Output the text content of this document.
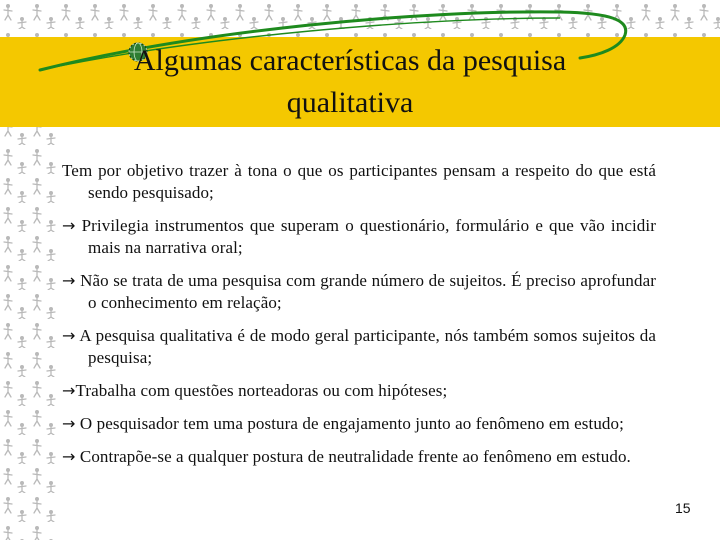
Algumas características da pesquisa qualitativa

Tem por objetivo trazer à tona o que os participantes pensam a respeito do que está sendo pesquisado;

→ Privilegia instrumentos que superam o questionário, formulário e que vão incidir mais na narrativa oral;

→ Não se trata de uma pesquisa com grande número de sujeitos. É preciso aprofundar o conhecimento em relação;

→ A pesquisa qualitativa é de modo geral participante, nós também somos sujeitos da pesquisa;

→Trabalha com questões norteadoras ou com hipóteses;

→ O pesquisador tem uma postura de engajamento junto ao fenômeno em estudo;

→ Contrapõe-se a qualquer postura de neutralidade frente ao fenômeno em estudo.

15
